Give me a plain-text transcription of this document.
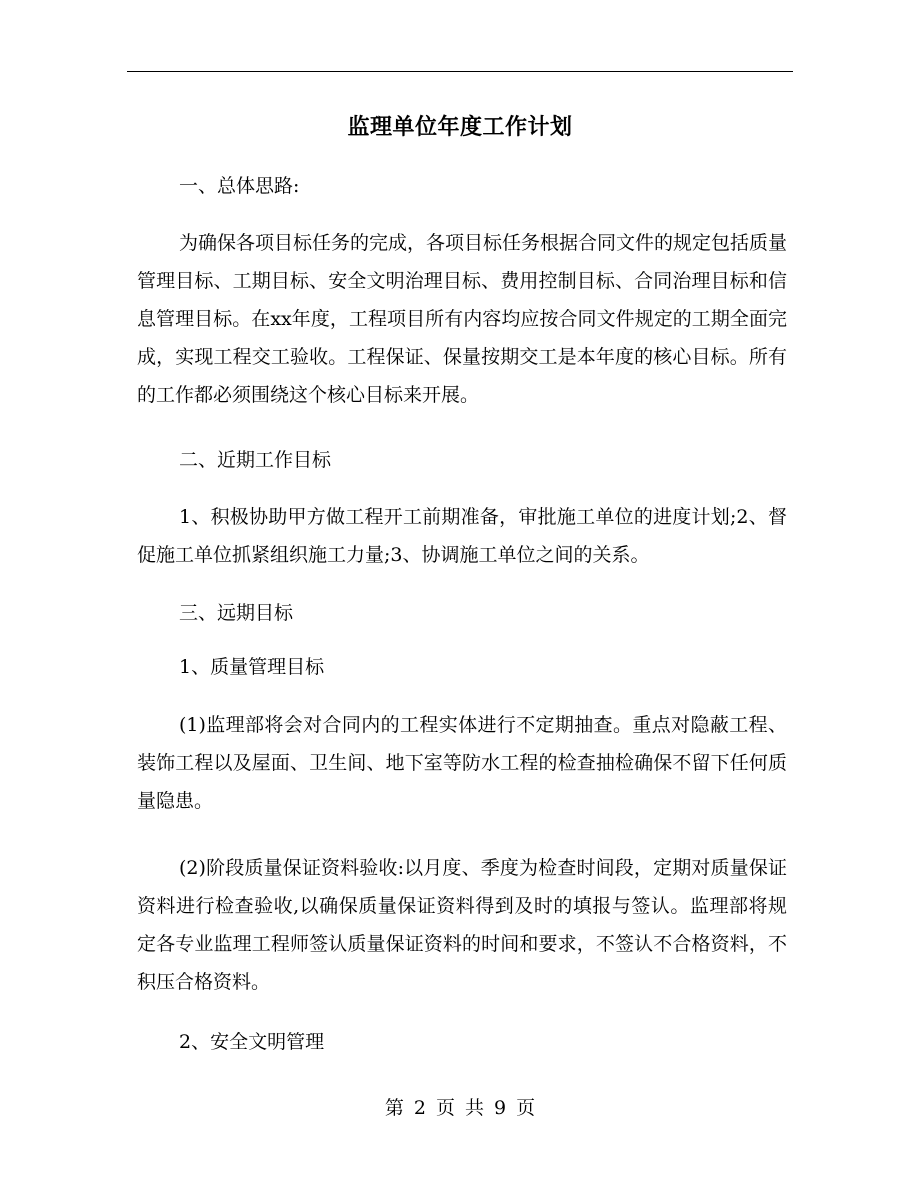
监理单位年度工作计划
一、总体思路:
为确保各项目标任务的完成，各项目标任务根据合同文件的规定包括质量管理目标、工期目标、安全文明治理目标、费用控制目标、合同治理目标和信息管理目标。在xx年度，工程项目所有内容均应按合同文件规定的工期全面完成，实现工程交工验收。工程保证、保量按期交工是本年度的核心目标。所有的工作都必须围绕这个核心目标来开展。
二、近期工作目标
1、积极协助甲方做工程开工前期准备，审批施工单位的进度计划;2、督促施工单位抓紧组织施工力量;3、协调施工单位之间的关系。
三、远期目标
1、质量管理目标
(1)监理部将会对合同内的工程实体进行不定期抽查。重点对隐蔽工程、装饰工程以及屋面、卫生间、地下室等防水工程的检查抽检确保不留下任何质量隐患。
(2)阶段质量保证资料验收:以月度、季度为检查时间段，定期对质量保证资料进行检查验收,以确保质量保证资料得到及时的填报与签认。监理部将规定各专业监理工程师签认质量保证资料的时间和要求，不签认不合格资料，不积压合格资料。
2、安全文明管理
第 2 页 共 9 页
